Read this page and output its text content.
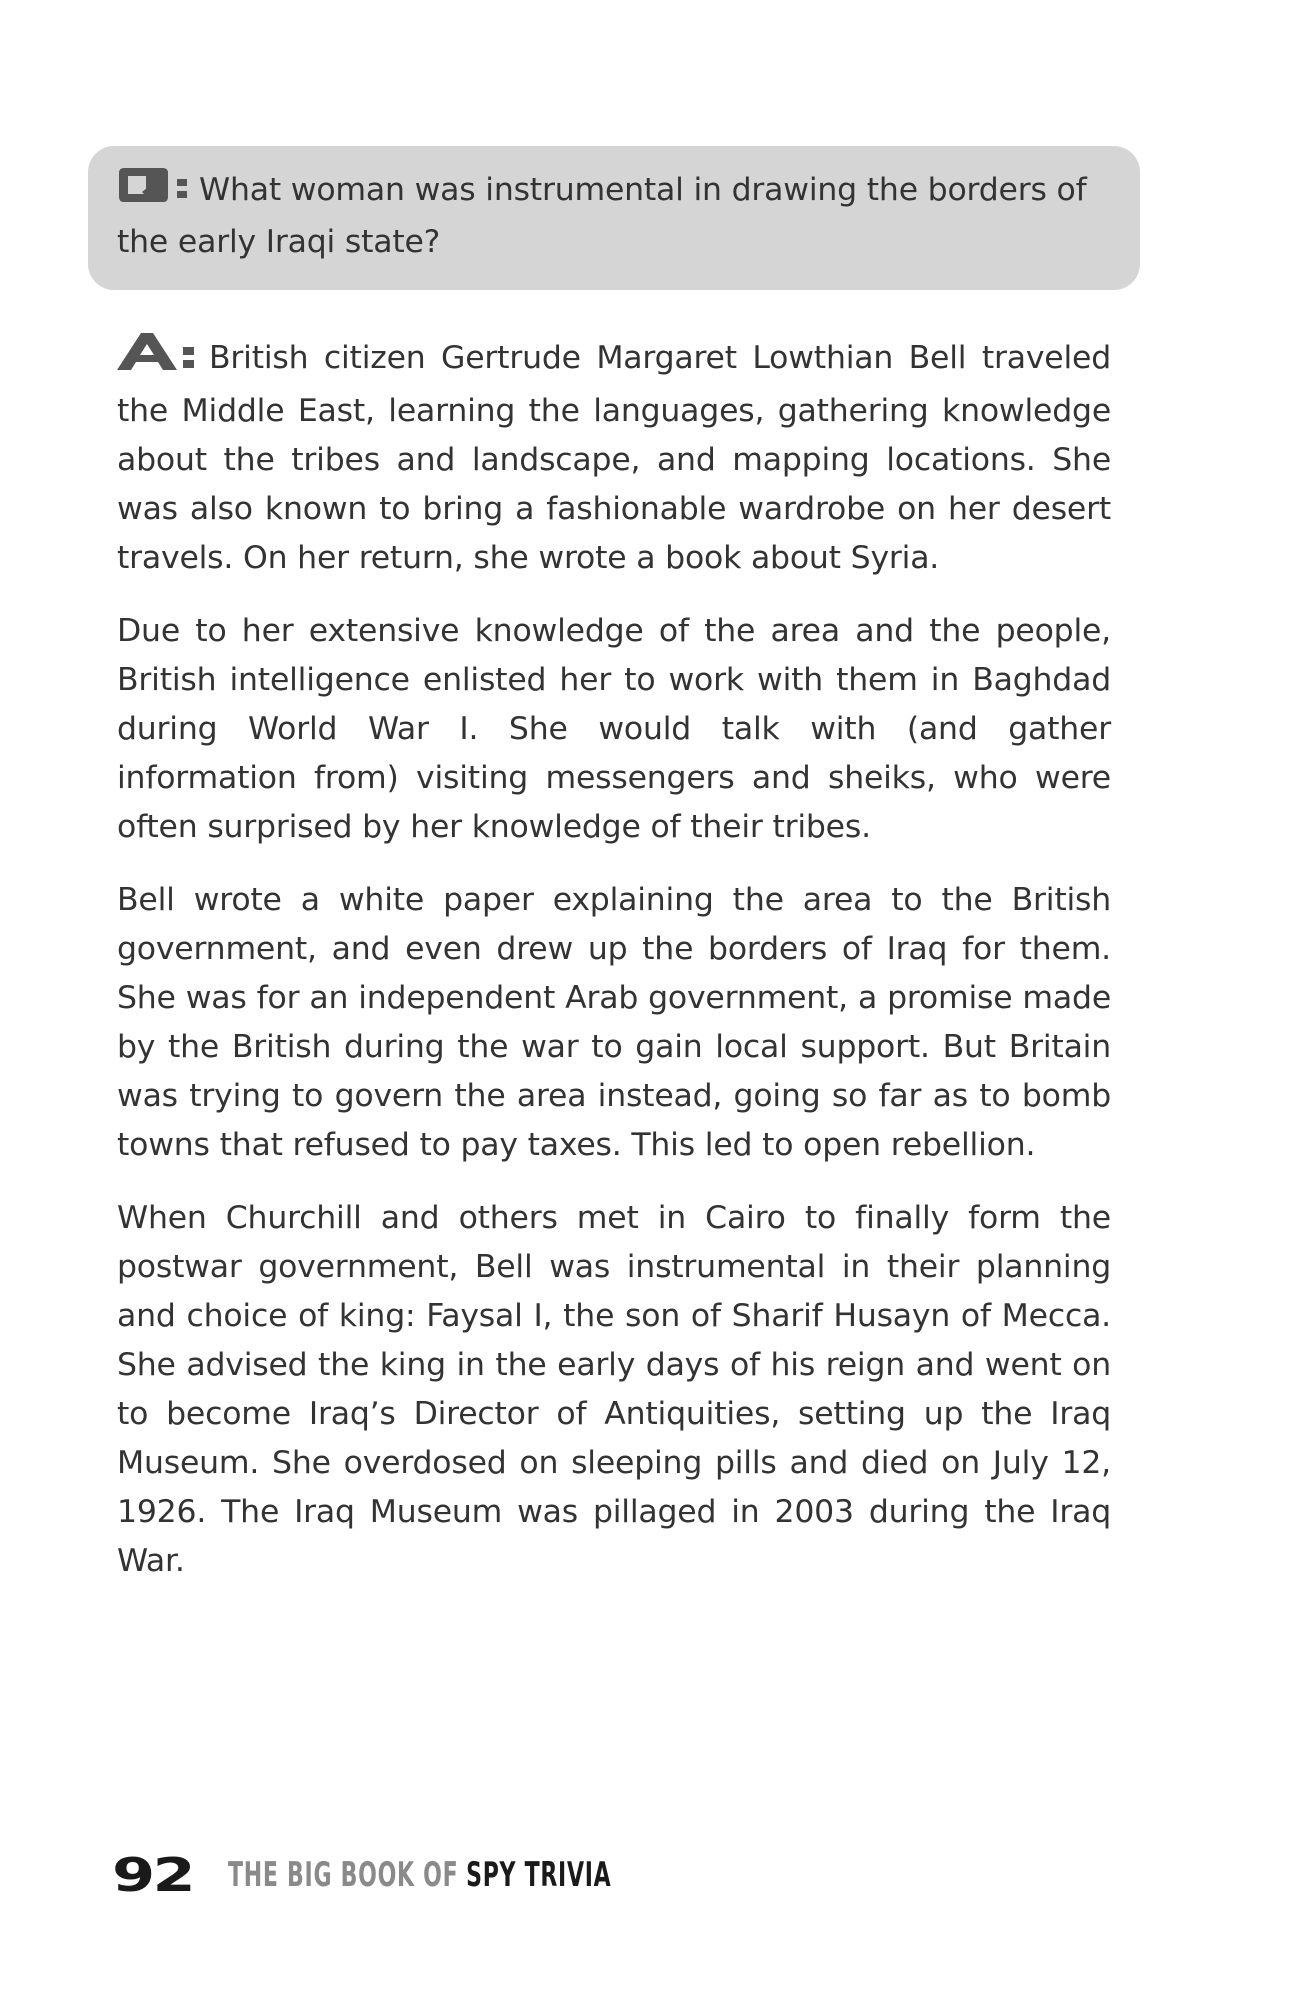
What woman was instrumental in drawing the borders of the early Iraqi state?

British citizen Gertrude Margaret Lowthian Bell traveled the Middle East, learning the languages, gathering knowledge about the tribes and landscape, and mapping locations. She was also known to bring a fashionable wardrobe on her desert travels. On her return, she wrote a book about Syria.

Due to her extensive knowledge of the area and the people, British intelligence enlisted her to work with them in Baghdad during World War I. She would talk with (and gather information from) visiting messengers and sheiks, who were often surprised by her knowledge of their tribes.

Bell wrote a white paper explaining the area to the British government, and even drew up the borders of Iraq for them. She was for an independent Arab government, a promise made by the British during the war to gain local support. But Britain was trying to govern the area instead, going so far as to bomb towns that refused to pay taxes. This led to open rebellion.

When Churchill and others met in Cairo to finally form the postwar government, Bell was instrumental in their planning and choice of king: Faysal I, the son of Sharif Husayn of Mecca. She advised the king in the early days of his reign and went on to become Iraq’s Director of Antiquities, setting up the Iraq Museum. She overdosed on sleeping pills and died on July 12, 1926. The Iraq Museum was pillaged in 2003 during the Iraq War.

92	THE BIG BOOK OF SPY TRIVIA
